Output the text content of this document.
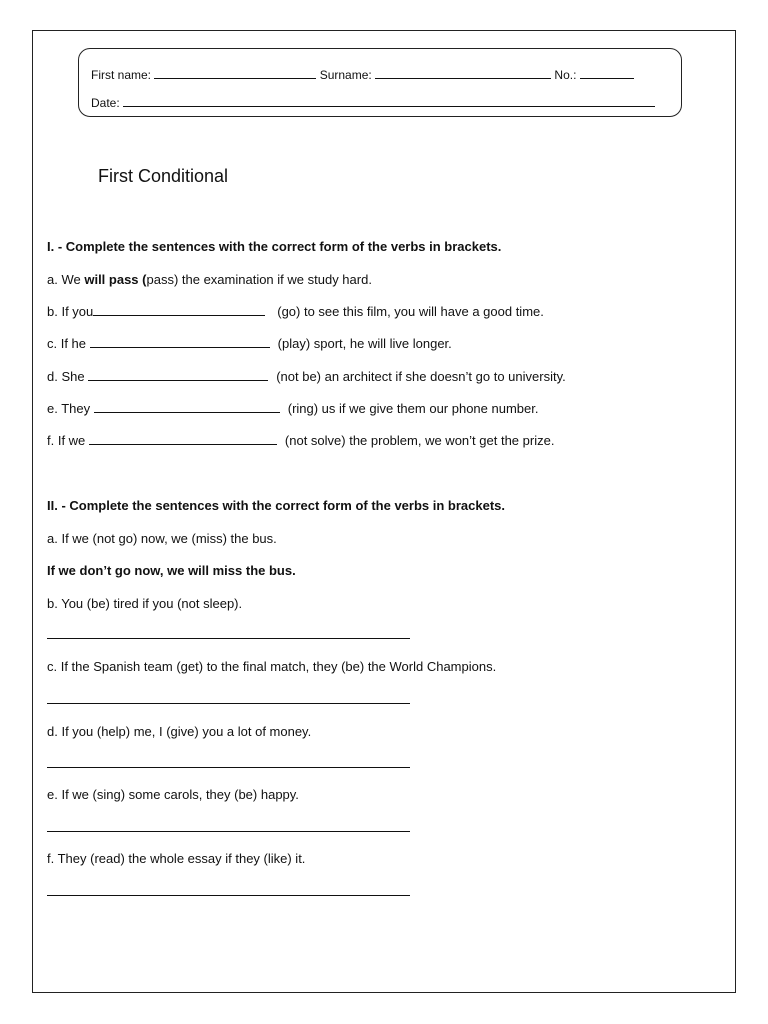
First name:	Surname:	No.:
Date:
First Conditional
I. - Complete the sentences with the correct form of the verbs in brackets.
a. We will pass (pass) the examination if we study hard.
b. If you	(go) to see this film, you will have a good time.
c. If he	(play) sport, he will live longer.
d. She	(not be) an architect if she doesn’t go to university.
e. They	(ring) us if we give them our phone number.
f. If we	(not solve) the problem, we won’t get the prize.
II. - Complete the sentences with the correct form of the verbs in brackets.
a. If we (not go) now, we (miss) the bus.
If we don’t go now, we will miss the bus.
b. You (be) tired if you (not sleep).
c. If the Spanish team (get) to the final match, they (be) the World Champions.
d. If you (help) me, I (give) you a lot of money.
e. If we (sing) some carols, they (be) happy.
f. They (read) the whole essay if they (like) it.
